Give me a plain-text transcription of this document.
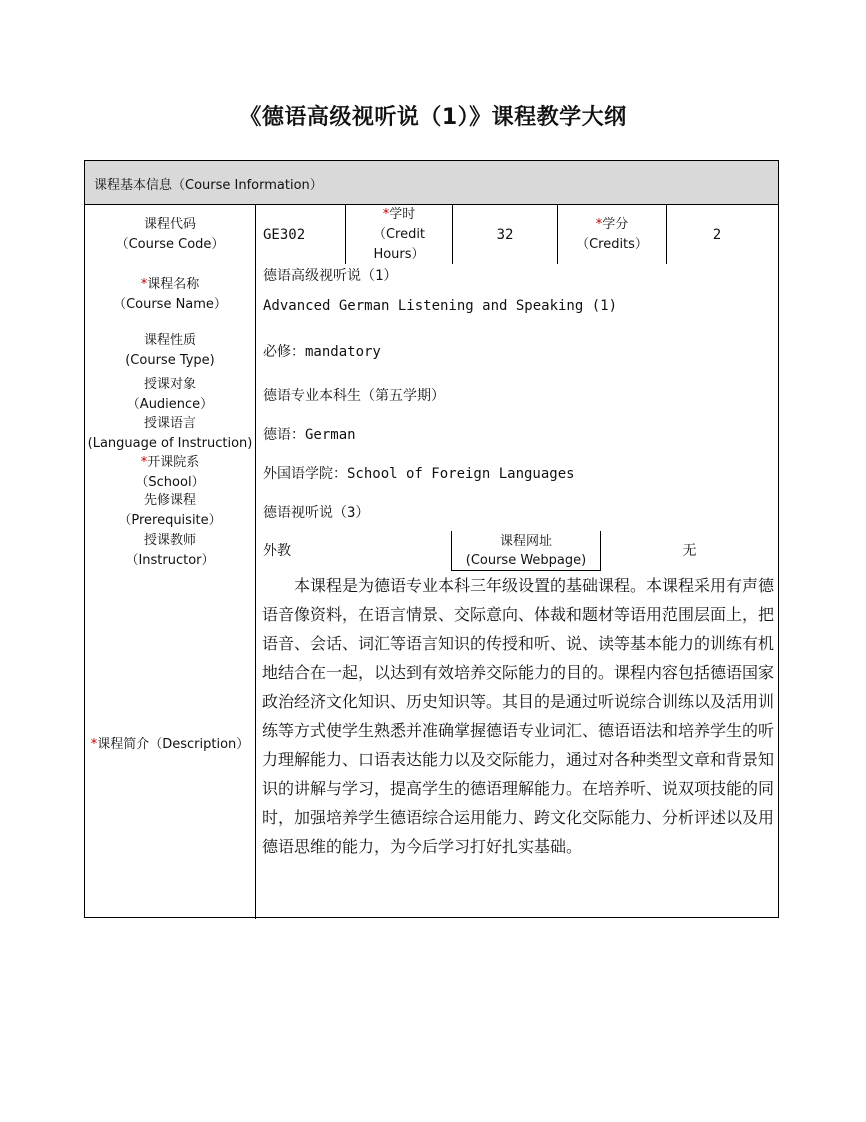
《德语高级视听说（1）》课程教学大纲
课程基本信息（Course Information）
课程代码
（Course Code）
*课程名称
（Course Name）
课程性质
(Course Type)
授课对象
（Audience）
授课语言
(Language of Instruction)
*开课院系
（School）
先修课程
（Prerequisite）
授课教师
（Instructor）
*课程简介（Description）
GE302
*学时
（Credit
Hours）
32
*学分
（Credits）
2
德语高级视听说（1）
Advanced German Listening and Speaking (1)
必修：mandatory
德语专业本科生（第五学期）
德语：German
外国语学院：School of Foreign Languages
德语视听说（3）
外教
课程网址
(Course Webpage)
无
本课程是为德语专业本科三年级设置的基础课程。本课程采用有声德语音像资料，在语言情景、交际意向、体裁和题材等语用范围层面上，把语音、会话、词汇等语言知识的传授和听、说、读等基本能力的训练有机地结合在一起，以达到有效培养交际能力的目的。课程内容包括德语国家政治经济文化知识、历史知识等。其目的是通过听说综合训练以及活用训练等方式使学生熟悉并准确掌握德语专业词汇、德语语法和培养学生的听力理解能力、口语表达能力以及交际能力，通过对各种类型文章和背景知识的讲解与学习，提高学生的德语理解能力。在培养听、说双项技能的同时，加强培养学生德语综合运用能力、跨文化交际能力、分析评述以及用德语思维的能力，为今后学习打好扎实基础。
